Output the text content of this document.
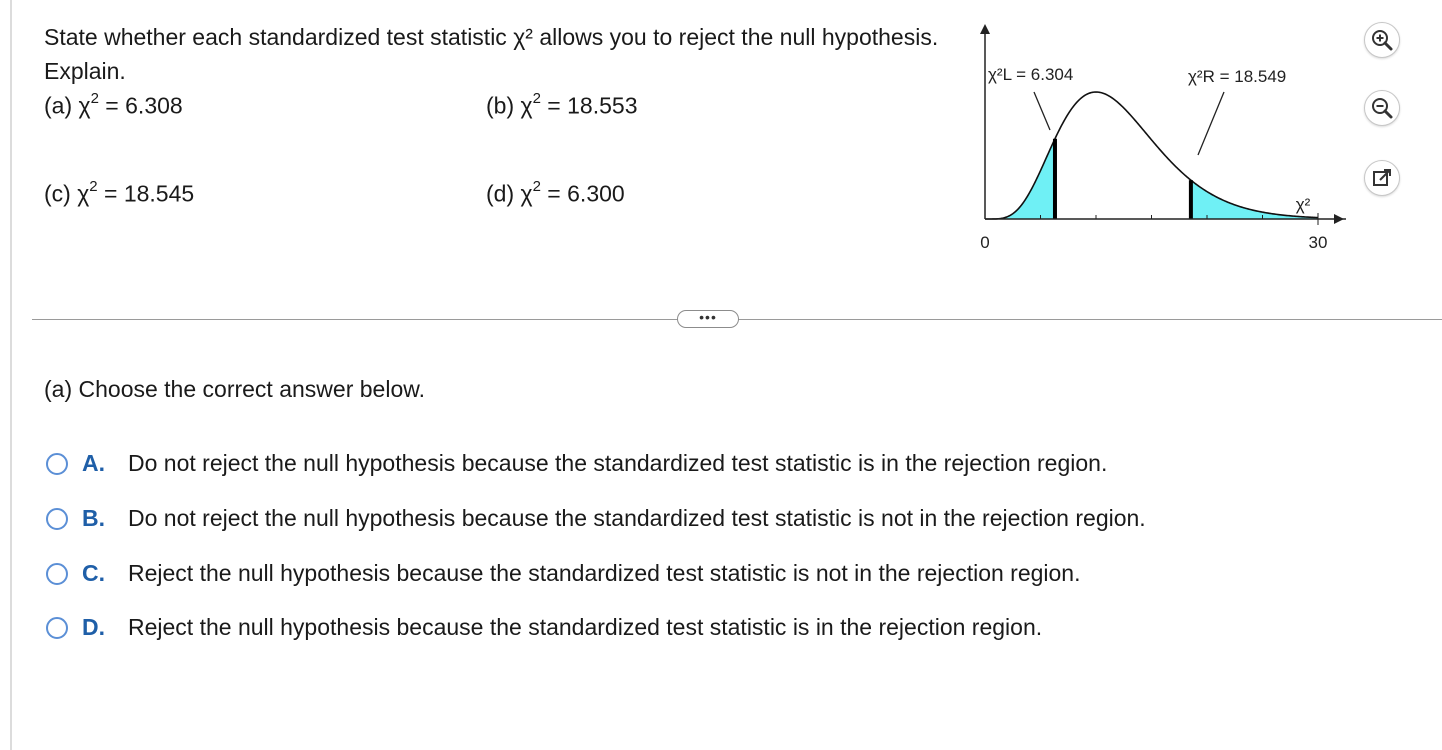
State whether each standardized test statistic χ² allows you to reject the null hypothesis. Explain.

(a) $\chi^2 = 6.308$	(b) $\chi^2 = 18.553$
(c) $\chi^2 = 18.545$	(d) $\chi^2 = 6.300$
0	30
χ²
χ²L = 6.304	χ²R = 18.549
•••
(a) Choose the correct answer below.
A.	Do not reject the null hypothesis because the standardized test statistic is in the rejection region.
B.	Do not reject the null hypothesis because the standardized test statistic is not in the rejection region.
C.	Reject the null hypothesis because the standardized test statistic is not in the rejection region.
D.	Reject the null hypothesis because the standardized test statistic is in the rejection region.
